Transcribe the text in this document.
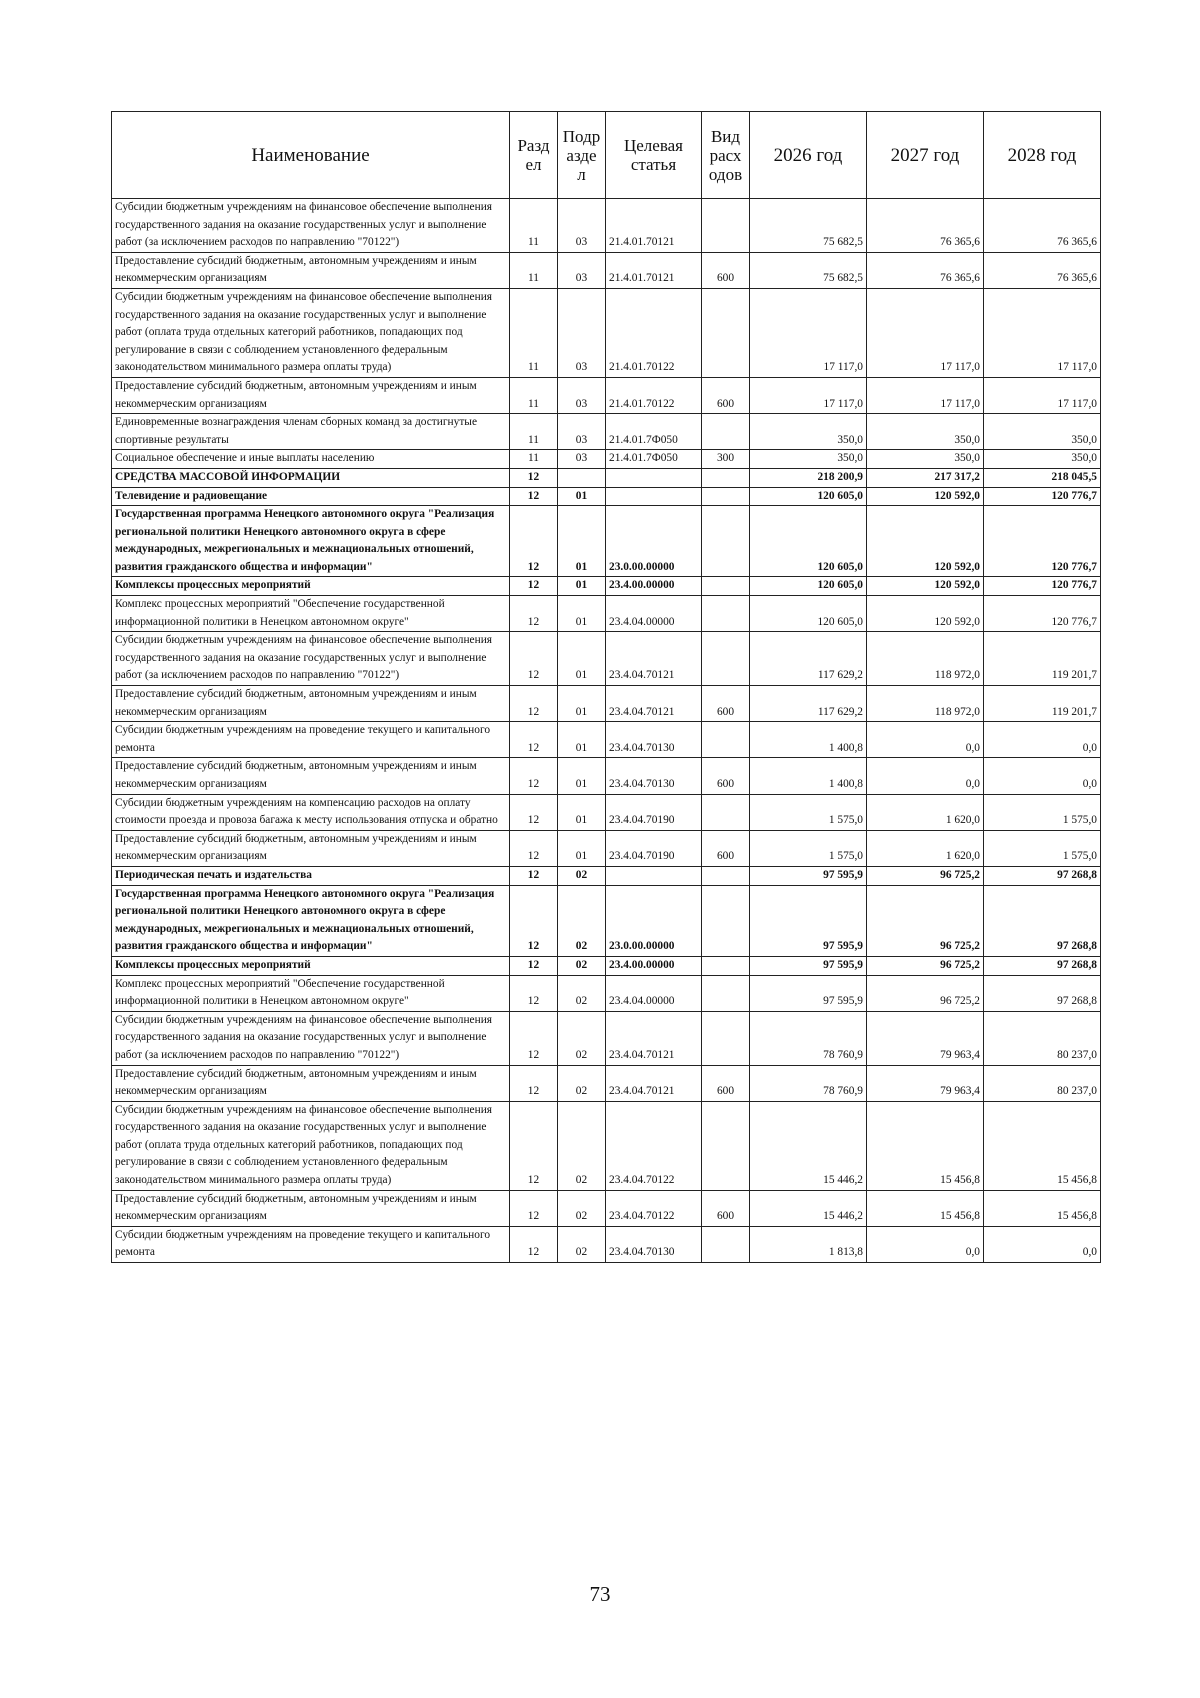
Наименование	Разд ел	Подр азде л	Целевая статья	Вид расх одов	2026 год	2027 год	2028 год
Субсидии бюджетным учреждениям на финансовое обеспечение выполнения государственного задания на оказание государственных услуг и выполнение работ (за исключением расходов по направлению "70122")	11	03	21.4.01.70121		75 682,5	76 365,6	76 365,6
Предоставление субсидий бюджетным, автономным учреждениям и иным некоммерческим организациям	11	03	21.4.01.70121	600	75 682,5	76 365,6	76 365,6
Субсидии бюджетным учреждениям на финансовое обеспечение выполнения государственного задания на оказание государственных услуг и выполнение работ (оплата труда отдельных категорий работников, попадающих под регулирование в связи с соблюдением установленного федеральным законодательством минимального размера оплаты труда)	11	03	21.4.01.70122		17 117,0	17 117,0	17 117,0
Предоставление субсидий бюджетным, автономным учреждениям и иным некоммерческим организациям	11	03	21.4.01.70122	600	17 117,0	17 117,0	17 117,0
Единовременные вознаграждения членам сборных команд за достигнутые спортивные результаты	11	03	21.4.01.7Ф050		350,0	350,0	350,0
Социальное обеспечение и иные выплаты населению	11	03	21.4.01.7Ф050	300	350,0	350,0	350,0
СРЕДСТВА МАССОВОЙ ИНФОРМАЦИИ	12				218 200,9	217 317,2	218 045,5
Телевидение и радиовещание	12	01			120 605,0	120 592,0	120 776,7
Государственная программа Ненецкого автономного округа "Реализация региональной политики Ненецкого автономного округа в сфере международных, межрегиональных и межнациональных отношений, развития гражданского общества и информации"	12	01	23.0.00.00000		120 605,0	120 592,0	120 776,7
Комплексы процессных мероприятий	12	01	23.4.00.00000		120 605,0	120 592,0	120 776,7
Комплекс процессных мероприятий "Обеспечение государственной информационной политики в Ненецком автономном округе"	12	01	23.4.04.00000		120 605,0	120 592,0	120 776,7
Субсидии бюджетным учреждениям на финансовое обеспечение выполнения государственного задания на оказание государственных услуг и выполнение работ (за исключением расходов по направлению "70122")	12	01	23.4.04.70121		117 629,2	118 972,0	119 201,7
Предоставление субсидий бюджетным, автономным учреждениям и иным некоммерческим организациям	12	01	23.4.04.70121	600	117 629,2	118 972,0	119 201,7
Субсидии бюджетным учреждениям на проведение текущего и капитального ремонта	12	01	23.4.04.70130		1 400,8	0,0	0,0
Предоставление субсидий бюджетным, автономным учреждениям и иным некоммерческим организациям	12	01	23.4.04.70130	600	1 400,8	0,0	0,0
Субсидии бюджетным учреждениям на компенсацию расходов на оплату стоимости проезда и провоза багажа к месту использования отпуска и обратно	12	01	23.4.04.70190		1 575,0	1 620,0	1 575,0
Предоставление субсидий бюджетным, автономным учреждениям и иным некоммерческим организациям	12	01	23.4.04.70190	600	1 575,0	1 620,0	1 575,0
Периодическая печать и издательства	12	02			97 595,9	96 725,2	97 268,8
Государственная программа Ненецкого автономного округа "Реализация региональной политики Ненецкого автономного округа в сфере международных, межрегиональных и межнациональных отношений, развития гражданского общества и информации"	12	02	23.0.00.00000		97 595,9	96 725,2	97 268,8
Комплексы процессных мероприятий	12	02	23.4.00.00000		97 595,9	96 725,2	97 268,8
Комплекс процессных мероприятий "Обеспечение государственной информационной политики в Ненецком автономном округе"	12	02	23.4.04.00000		97 595,9	96 725,2	97 268,8
Субсидии бюджетным учреждениям на финансовое обеспечение выполнения государственного задания на оказание государственных услуг и выполнение работ (за исключением расходов по направлению "70122")	12	02	23.4.04.70121		78 760,9	79 963,4	80 237,0
Предоставление субсидий бюджетным, автономным учреждениям и иным некоммерческим организациям	12	02	23.4.04.70121	600	78 760,9	79 963,4	80 237,0
Субсидии бюджетным учреждениям на финансовое обеспечение выполнения государственного задания на оказание государственных услуг и выполнение работ (оплата труда отдельных категорий работников, попадающих под регулирование в связи с соблюдением установленного федеральным законодательством минимального размера оплаты труда)	12	02	23.4.04.70122		15 446,2	15 456,8	15 456,8
Предоставление субсидий бюджетным, автономным учреждениям и иным некоммерческим организациям	12	02	23.4.04.70122	600	15 446,2	15 456,8	15 456,8
Субсидии бюджетным учреждениям на проведение текущего и капитального ремонта	12	02	23.4.04.70130		1 813,8	0,0	0,0
73
